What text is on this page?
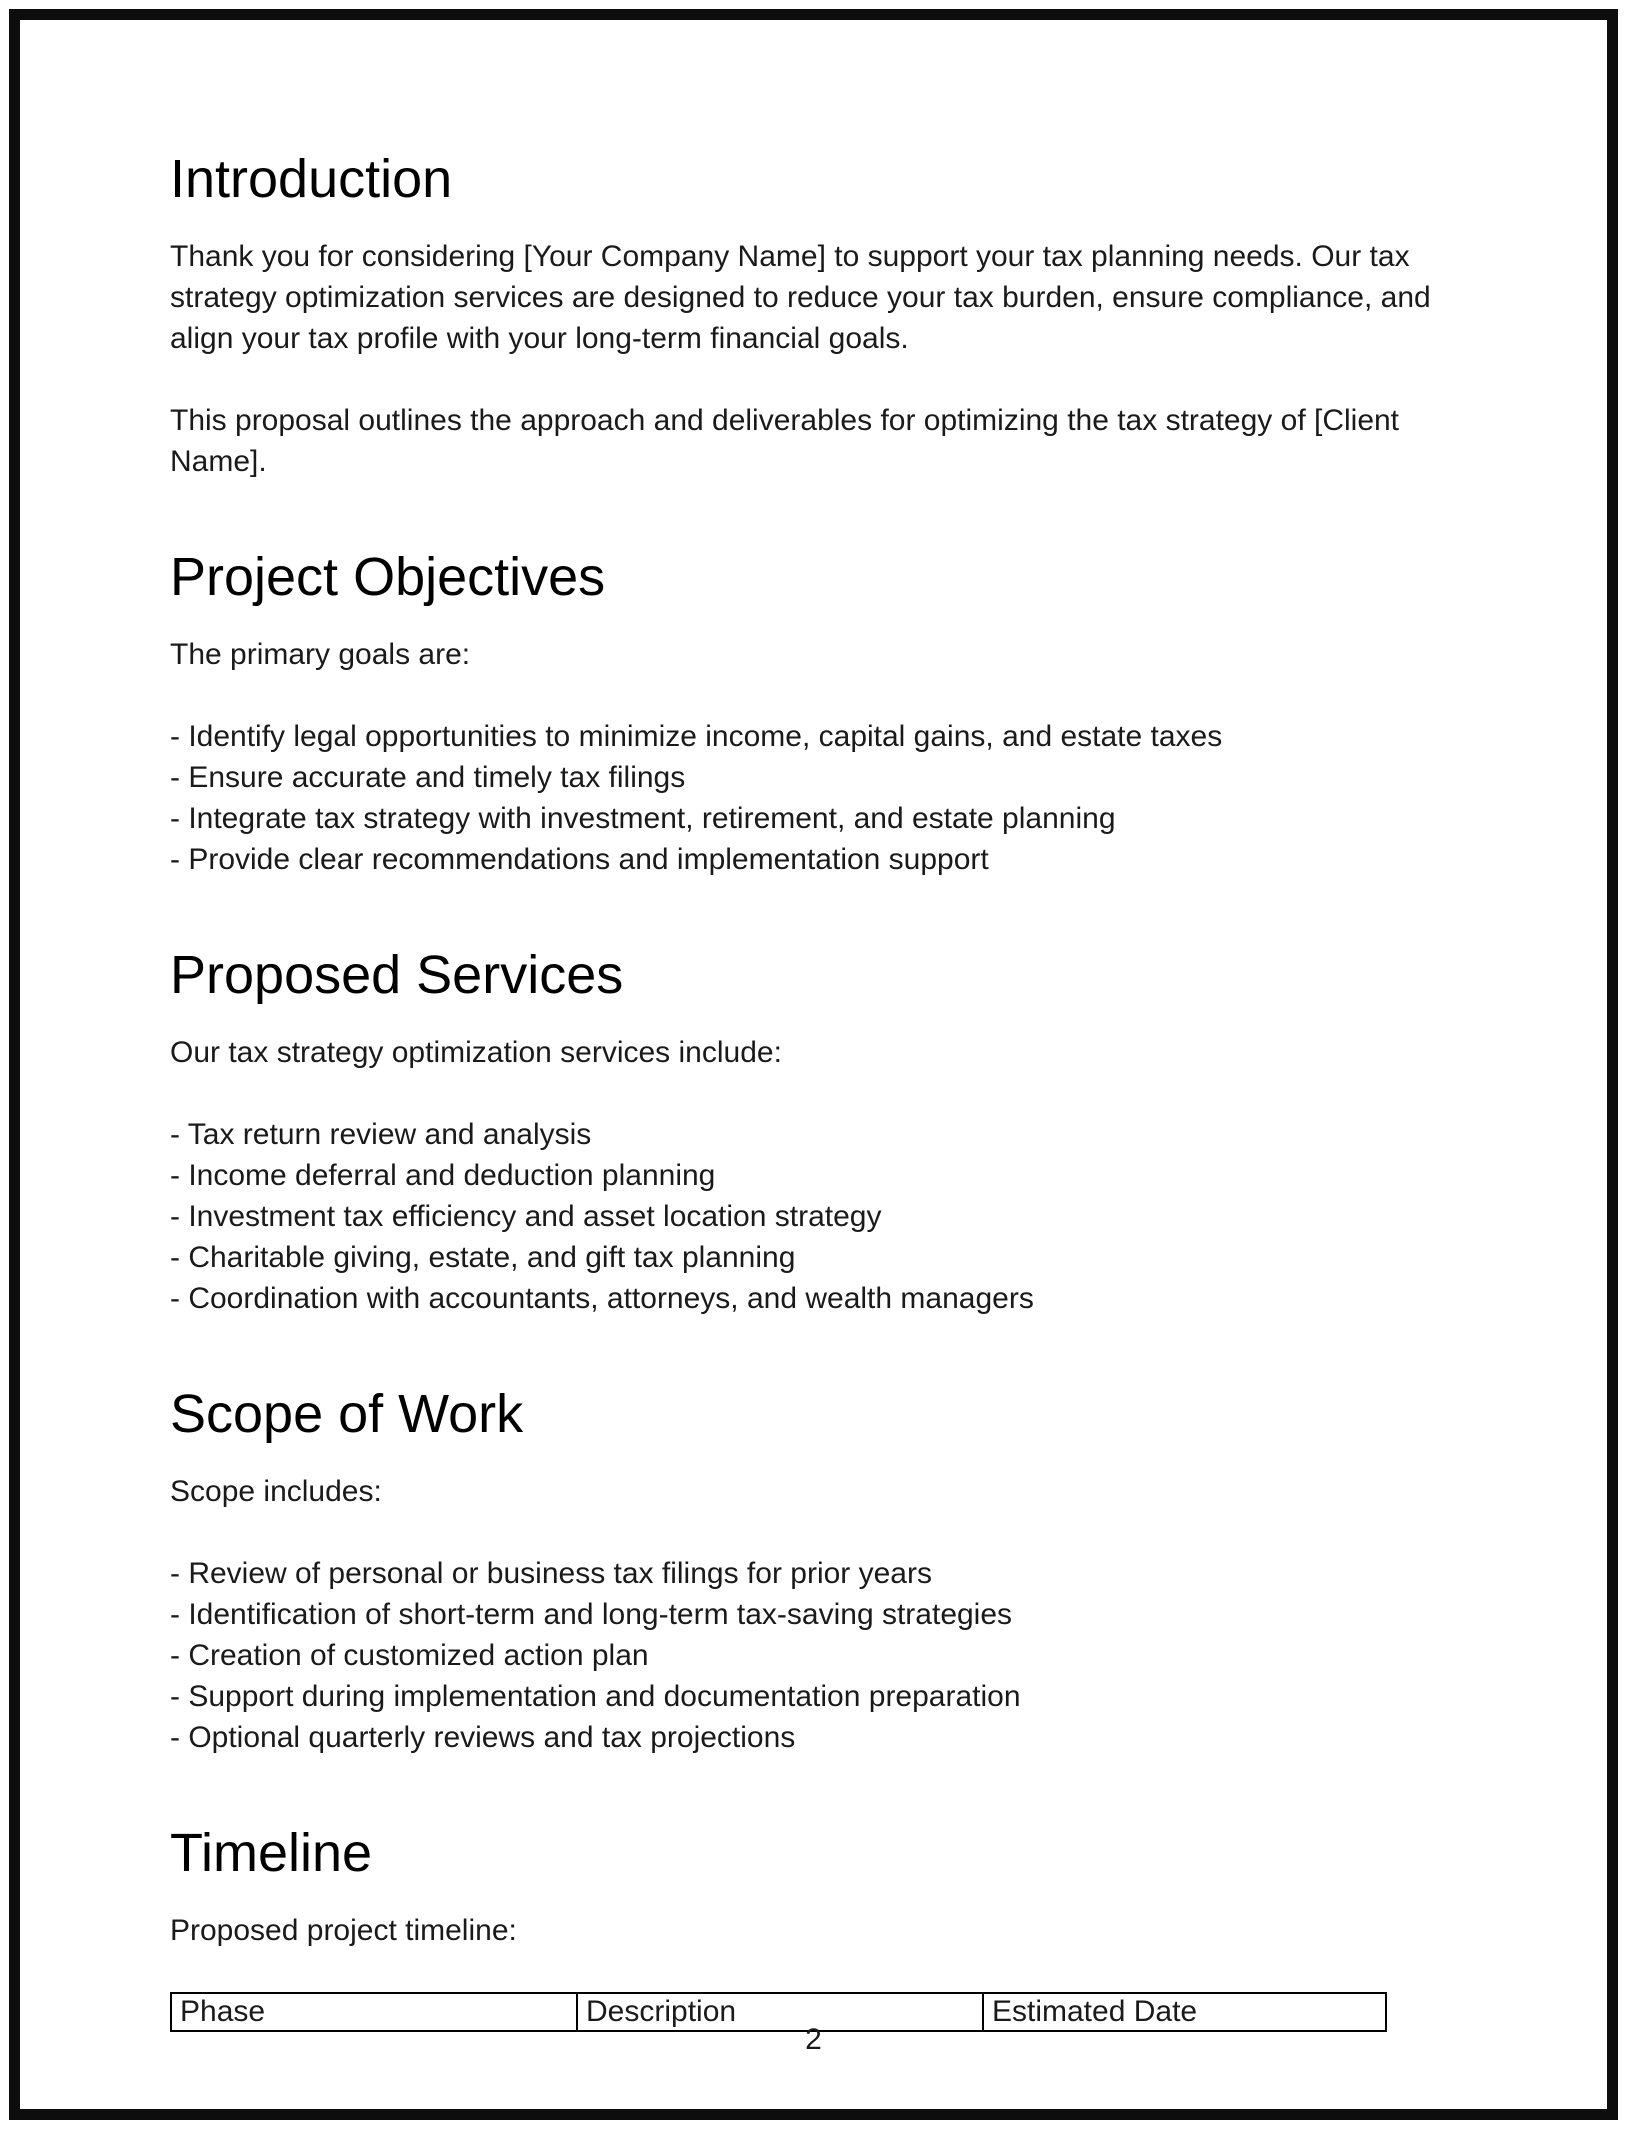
Introduction

Thank you for considering [Your Company Name] to support your tax planning needs. Our tax strategy optimization services are designed to reduce your tax burden, ensure compliance, and align your tax profile with your long-term financial goals.

This proposal outlines the approach and deliverables for optimizing the tax strategy of [Client Name].

Project Objectives
The primary goals are:
- Identify legal opportunities to minimize income, capital gains, and estate taxes
- Ensure accurate and timely tax filings
- Integrate tax strategy with investment, retirement, and estate planning
- Provide clear recommendations and implementation support
Proposed Services
Our tax strategy optimization services include:
- Tax return review and analysis
- Income deferral and deduction planning
- Investment tax efficiency and asset location strategy
- Charitable giving, estate, and gift tax planning
- Coordination with accountants, attorneys, and wealth managers
Scope of Work
Scope includes:
- Review of personal or business tax filings for prior years
- Identification of short-term and long-term tax-saving strategies
- Creation of customized action plan
- Support during implementation and documentation preparation
- Optional quarterly reviews and tax projections
Timeline
Proposed project timeline:
Phase	Description	Estimated Date
2
